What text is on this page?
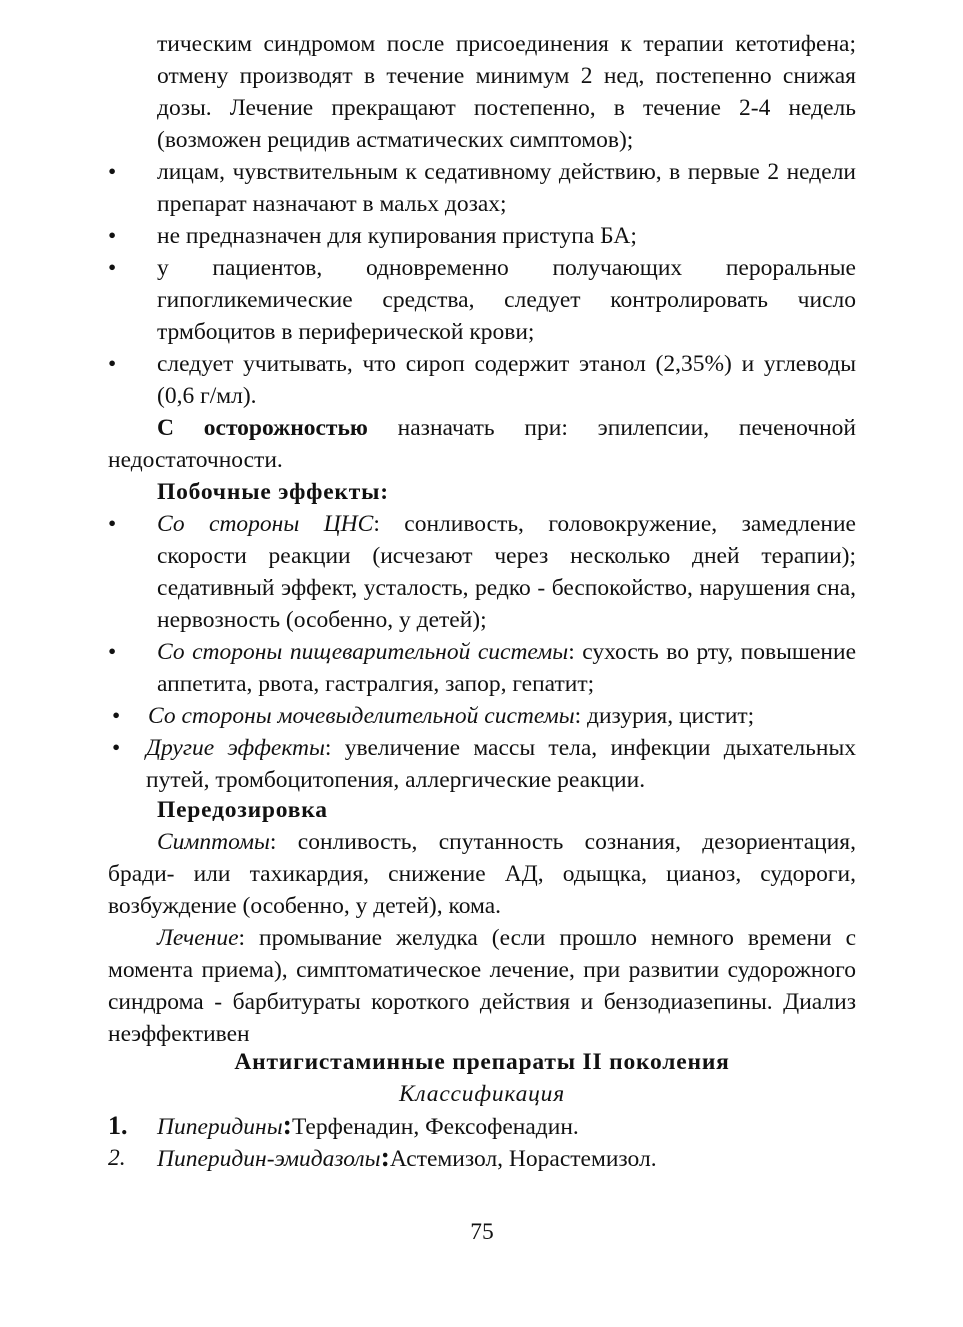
тическим синдромом после присоединения к терапии кетотифена; отмену производят в течение минимум 2 нед, постепенно снижая дозы. Лечение прекращают постепенно, в течение 2-4 недель (возможен рецидив астматических симптомов);

•	лицам, чувствительным к седативному действию, в первые 2 недели препарат назначают в мальх дозах;
•	не предназначен для купирования приступа БА;
•	у пациентов, одновременно получающих пероральные гипогликемические средства, следует контролировать число трмбоцитов в периферической крови;
•	следует учитывать, что сироп содержит этанол (2,35%) и углеводы (0,6 г/мл).

С осторожностью назначать при: эпилепсии, печеночной недостаточности.

Побочные эффекты:

•	Со стороны ЦНС: сонливость, головокружение, замедление скорости реакции (исчезают через несколько дней терапии); седативный эффект, усталость, редко - беспокойство, нарушения сна, нервозность (особенно, у детей);
•	Со стороны пищеварительной системы: сухость во рту, повышение аппетита, рвота, гастралгия, запор, гепатит;
•	Со стороны мочевыделительной системы: дизурия, цистит;
•	Другие эффекты: увеличение массы тела, инфекции дыхательных путей, тромбоцитопения, аллергические реакции.

Передозировка

Симптомы: сонливость, спутанность сознания, дезориентация, бради- или тахикардия, снижение АД, одыщка, цианоз, судороги, возбуждение (особенно, у детей), кома.

Лечение: промывание желудка (если прошло немного времени с момента приема), симптоматическое лечение, при развитии судорожного синдрома - барбитураты короткого действия и бензодиазепины. Диализ неэффективен

Антигистаминные препараты II поколения

Классификация

1. Пиперидины:Терфенадин, Фексофенадин.
2. Пиперидин-эмидазолы:Астемизол, Норастемизол.
75
